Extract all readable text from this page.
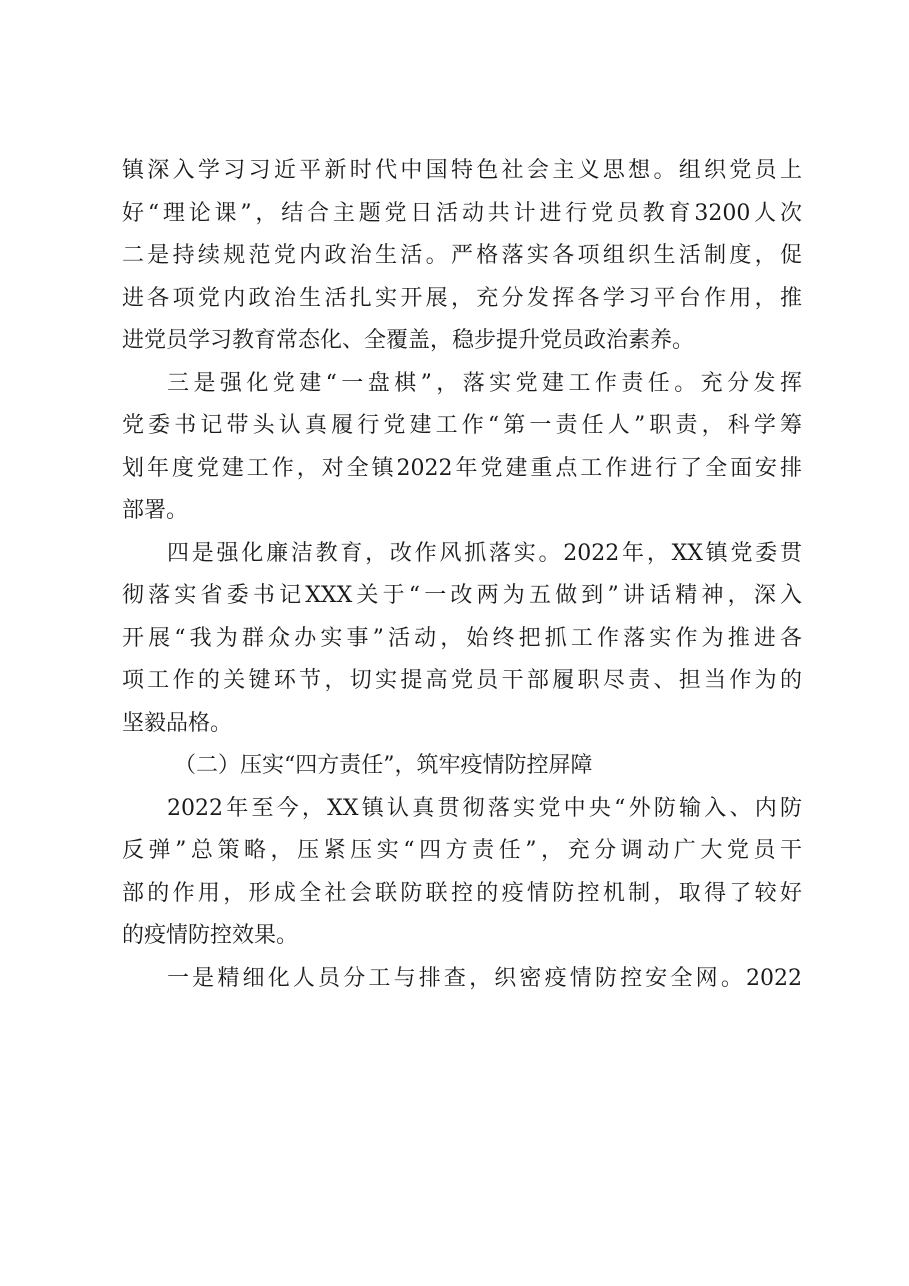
镇深入学习习近平新时代中国特色社会主义思想。组织党员上
好“理论课”，结合主题党日活动共计进行党员教育3200人次
二是持续规范党内政治生活。严格落实各项组织生活制度，促
进各项党内政治生活扎实开展，充分发挥各学习平台作用，推
进党员学习教育常态化、全覆盖，稳步提升党员政治素养。
三是强化党建“一盘棋”，落实党建工作责任。充分发挥
党委书记带头认真履行党建工作“第一责任人”职责，科学筹
划年度党建工作，对全镇2022年党建重点工作进行了全面安排
部署。
四是强化廉洁教育，改作风抓落实。2022年，XX镇党委贯
彻落实省委书记XXX关于“一改两为五做到”讲话精神，深入
开展“我为群众办实事”活动，始终把抓工作落实作为推进各
项工作的关键环节，切实提高党员干部履职尽责、担当作为的
坚毅品格。
（二）压实“四方责任”，筑牢疫情防控屏障
2022年至今，XX镇认真贯彻落实党中央“外防输入、内防
反弹”总策略，压紧压实“四方责任”，充分调动广大党员干
部的作用，形成全社会联防联控的疫情防控机制，取得了较好
的疫情防控效果。
一是精细化人员分工与排查，织密疫情防控安全网。2022
